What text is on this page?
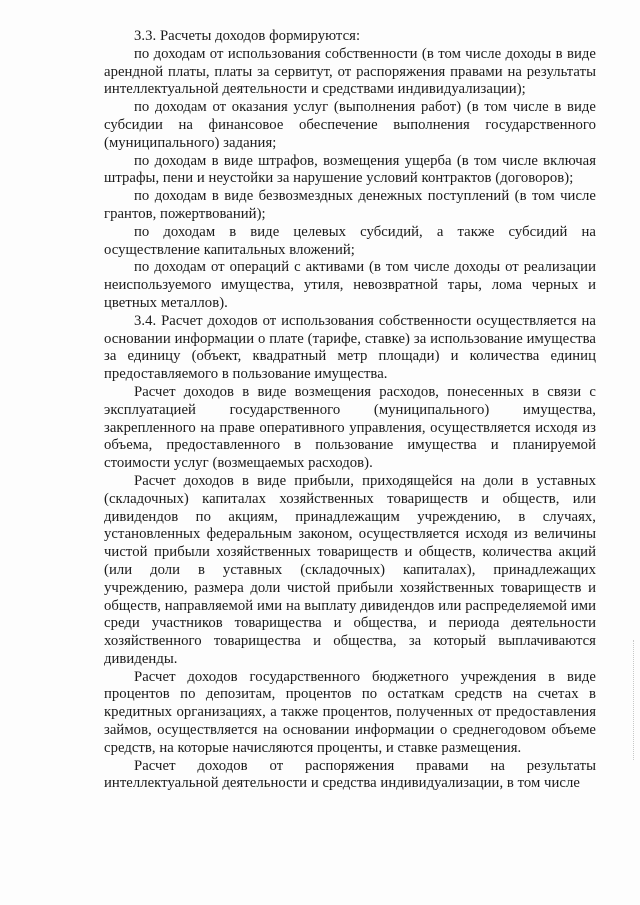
3.3. Расчеты доходов формируются:

по доходам от использования собственности (в том числе доходы в виде арендной платы, платы за сервитут, от распоряжения правами на результаты интеллектуальной деятельности и средствами индивидуализации);

по доходам от оказания услуг (выполнения работ) (в том числе в виде субсидии на финансовое обеспечение выполнения государственного (муниципального) задания;

по доходам в виде штрафов, возмещения ущерба (в том числе включая штрафы, пени и неустойки за нарушение условий контрактов (договоров);

по доходам в виде безвозмездных денежных поступлений (в том числе грантов, пожертвований);

по доходам в виде целевых субсидий, а также субсидий на осуществление капитальных вложений;

по доходам от операций с активами (в том числе доходы от реализации неиспользуемого имущества, утиля, невозвратной тары, лома черных и цветных металлов).

3.4. Расчет доходов от использования собственности осуществляется на основании информации о плате (тарифе, ставке) за использование имущества за единицу (объект, квадратный метр площади) и количества единиц предоставляемого в пользование имущества.

Расчет доходов в виде возмещения расходов, понесенных в связи с эксплуатацией государственного (муниципального) имущества, закрепленного на праве оперативного управления, осуществляется исходя из объема, предоставленного в пользование имущества и планируемой стоимости услуг (возмещаемых расходов).

Расчет доходов в виде прибыли, приходящейся на доли в уставных (складочных) капиталах хозяйственных товариществ и обществ, или дивидендов по акциям, принадлежащим учреждению, в случаях, установленных федеральным законом, осуществляется исходя из величины чистой прибыли хозяйственных товариществ и обществ, количества акций (или доли в уставных (складочных) капиталах), принадлежащих учреждению, размера доли чистой прибыли хозяйственных товариществ и обществ, направляемой ими на выплату дивидендов или распределяемой ими среди участников товарищества и общества, и периода деятельности хозяйственного товарищества и общества, за который выплачиваются дивиденды.

Расчет доходов государственного бюджетного учреждения в виде процентов по депозитам, процентов по остаткам средств на счетах в кредитных организациях, а также процентов, полученных от предоставления займов, осуществляется на основании информации о среднегодовом объеме средств, на которые начисляются проценты, и ставке размещения.

Расчет доходов от распоряжения правами на результаты интеллектуальной деятельности и средства индивидуализации, в том числе
